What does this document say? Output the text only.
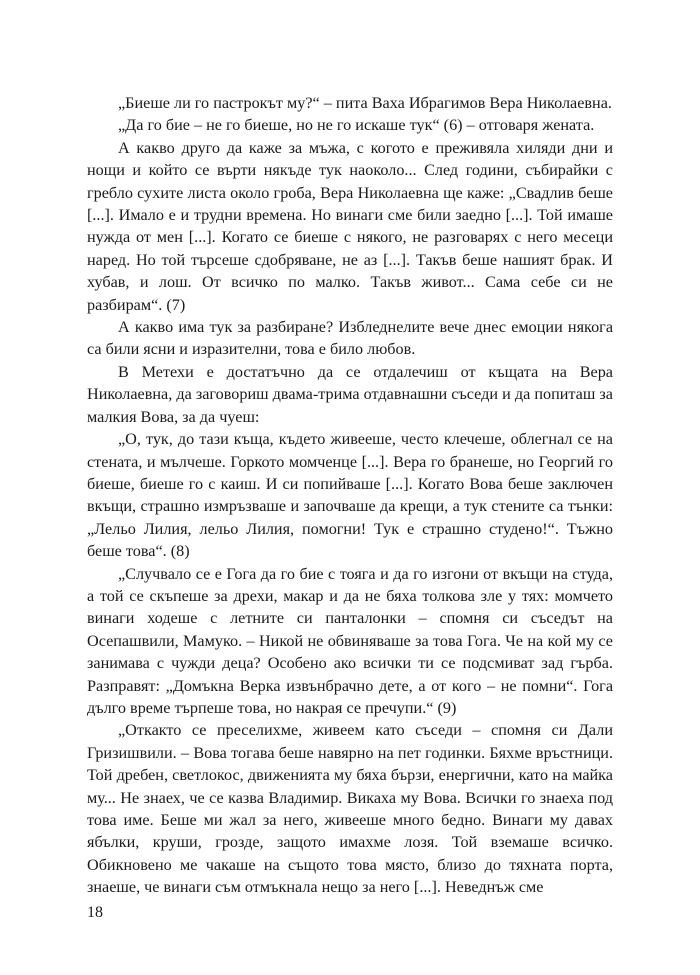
„Биеше ли го пастрокът му?“ – пита Ваха Ибрагимов Вера Николаевна.

„Да го бие – не го биеше, но не го искаше тук“ (6) – отговаря жената.

А какво друго да каже за мъжа, с когото е преживяла хиляди дни и нощи и който се върти някъде тук наоколо... След години, събирайки с гребло сухите листа около гроба, Вера Николаевна ще каже: „Свадлив беше [...]. Имало е и трудни времена. Но винаги сме били заедно [...]. Той имаше нужда от мен [...]. Когато се биеше с някого, не разговарях с него месеци наред. Но той търсеше сдобряване, не аз [...]. Такъв беше нашият брак. И хубав, и лош. От всичко по малко. Такъв живот... Сама себе си не разбирам“. (7)

А какво има тук за разбиране? Избледнелите вече днес емоции някога са били ясни и изразителни, това е било любов.

В Метехи е достатъчно да се отдалечиш от къщата на Вера Николаевна, да заговориш двама-трима отдавнашни съседи и да попиташ за малкия Вова, за да чуеш:

„О, тук, до тази къща, където живееше, често клечеше, облегнал се на стената, и мълчеше. Горкото момченце [...]. Вера го бранеше, но Георгий го биеше, биеше го с каиш. И си попийваше [...]. Когато Вова беше заключен вкъщи, страшно измръзваше и започваше да крещи, а тук стените са тънки: „Лельо Лилия, лельо Лилия, помогни! Тук е страшно студено!“. Тъжно беше това“. (8)

„Случвало се е Гога да го бие с тояга и да го изгони от вкъщи на студа, а той се скъпеше за дрехи, макар и да не бяха толкова зле у тях: момчето винаги ходеше с летните си панталонки – спомня си съседът на Осепашвили, Мамуко. – Никой не обвиняваше за това Гога. Че на кой му се занимава с чужди деца? Особено ако всички ти се подсмиват зад гърба. Разправят: „Домъкна Верка извънбрачно дете, а от кого – не помни“. Гога дълго време търпеше това, но накрая се пречупи.“ (9)

„Откакто се преселихме, живеем като съседи – спомня си Дали Гризишвили. – Вова тогава беше навярно на пет годинки. Бяхме връстници. Той дребен, светлокос, движенията му бяха бързи, енергични, като на майка му... Не знаех, че се казва Владимир. Викаха му Вова. Всички го знаеха под това име. Беше ми жал за него, живееше много бедно. Винаги му давах ябълки, круши, грозде, защото имахме лозя. Той вземаше всичко. Обикновено ме чакаше на същото това място, близо до тяхната порта, знаеше, че винаги съм отмъкнала нещо за него [...]. Неведнъж сме

18
